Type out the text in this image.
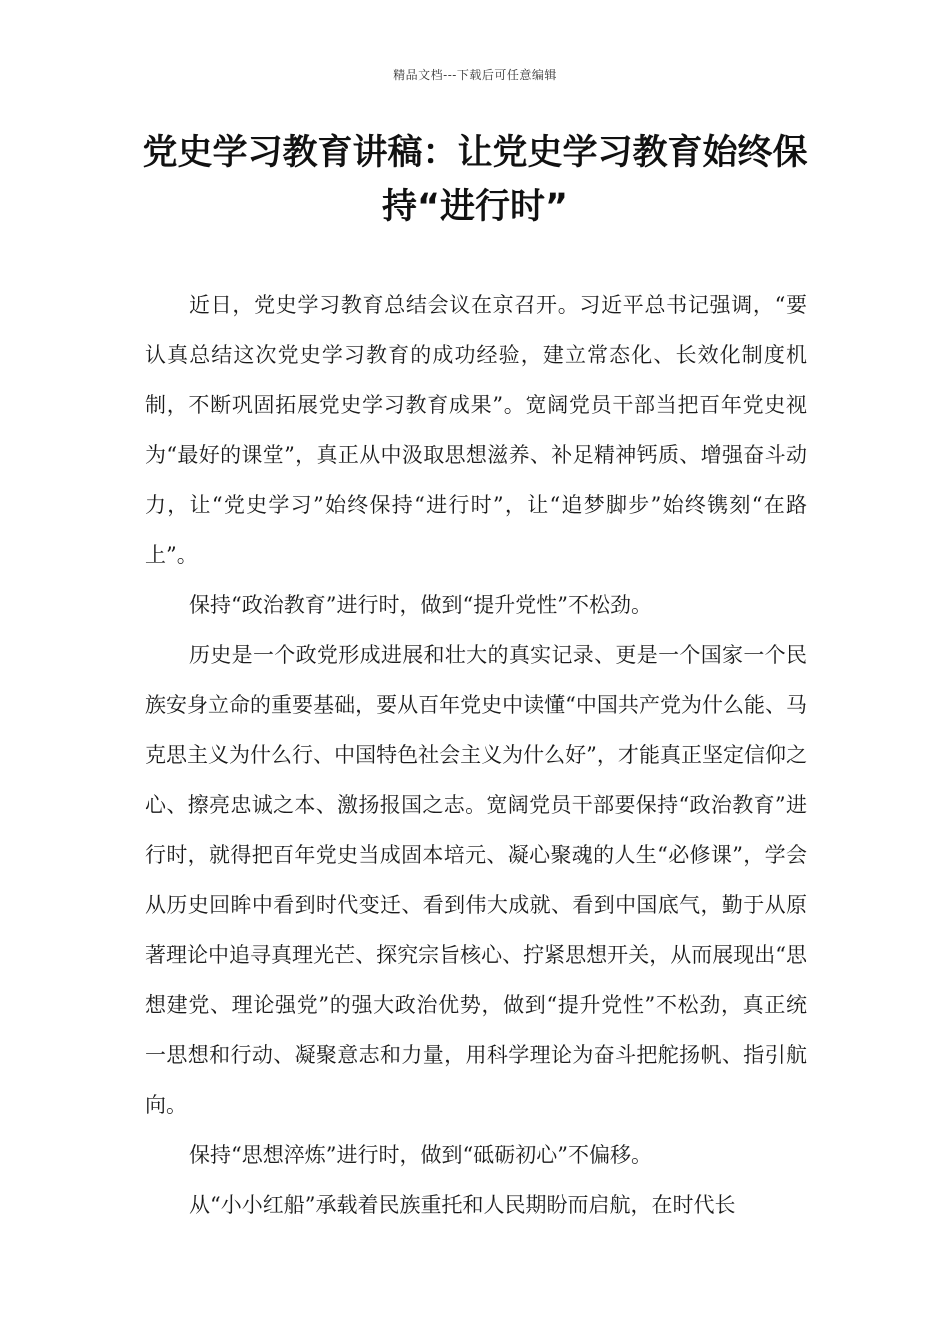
精品文档---下载后可任意编辑
党史学习教育讲稿：让党史学习教育始终保持“进行时”

近日，党史学习教育总结会议在京召开。习近平总书记强调，“要认真总结这次党史学习教育的成功经验，建立常态化、长效化制度机制，不断巩固拓展党史学习教育成果”。宽阔党员干部当把百年党史视为“最好的课堂”，真正从中汲取思想滋养、补足精神钙质、增强奋斗动力，让“党史学习”始终保持“进行时”，让“追梦脚步”始终镌刻“在路上”。

保持“政治教育”进行时，做到“提升党性”不松劲。

历史是一个政党形成进展和壮大的真实记录、更是一个国家一个民族安身立命的重要基础，要从百年党史中读懂“中国共产党为什么能、马克思主义为什么行、中国特色社会主义为什么好”，才能真正坚定信仰之心、擦亮忠诚之本、激扬报国之志。宽阔党员干部要保持“政治教育”进行时，就得把百年党史当成固本培元、凝心聚魂的人生“必修课”，学会从历史回眸中看到时代变迁、看到伟大成就、看到中国底气，勤于从原著理论中追寻真理光芒、探究宗旨核心、拧紧思想开关，从而展现出“思想建党、理论强党”的强大政治优势，做到“提升党性”不松劲，真正统一思想和行动、凝聚意志和力量，用科学理论为奋斗把舵扬帆、指引航向。

保持“思想淬炼”进行时，做到“砥砺初心”不偏移。

从“小小红船”承载着民族重托和人民期盼而启航，在时代长
